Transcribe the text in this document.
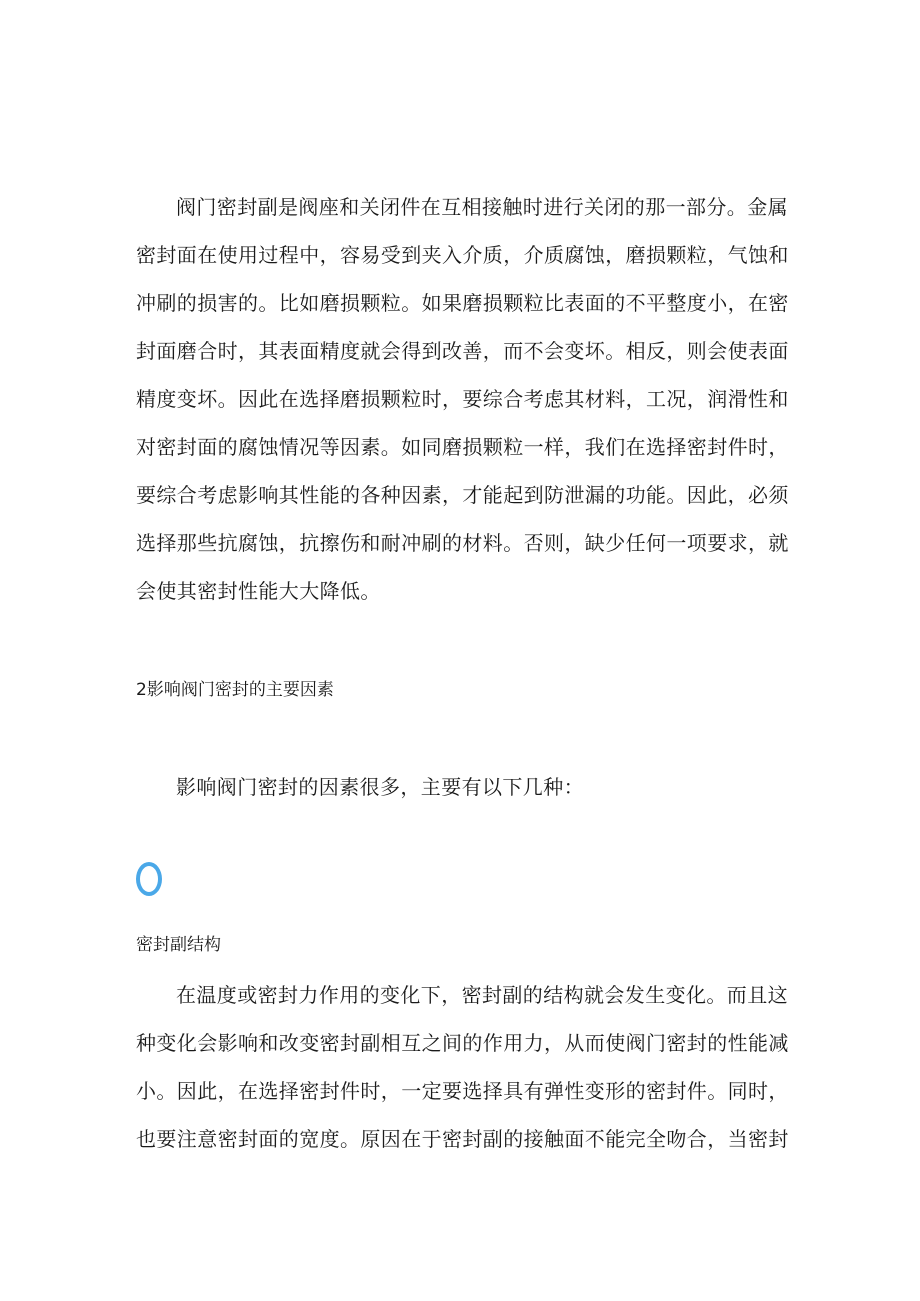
阀门密封副是阀座和关闭件在互相接触时进行关闭的那一部分。金属
密封面在使用过程中，容易受到夹入介质，介质腐蚀，磨损颗粒，气蚀和
冲刷的损害的。比如磨损颗粒。如果磨损颗粒比表面的不平整度小，在密
封面磨合时，其表面精度就会得到改善，而不会变坏。相反，则会使表面
精度变坏。因此在选择磨损颗粒时，要综合考虑其材料，工况，润滑性和
对密封面的腐蚀情况等因素。如同磨损颗粒一样，我们在选择密封件时，
要综合考虑影响其性能的各种因素，才能起到防泄漏的功能。因此，必须
选择那些抗腐蚀，抗擦伤和耐冲刷的材料。否则，缺少任何一项要求，就
会使其密封性能大大降低。
2影响阀门密封的主要因素
影响阀门密封的因素很多，主要有以下几种：
密封副结构
在温度或密封力作用的变化下，密封副的结构就会发生变化。而且这
种变化会影响和改变密封副相互之间的作用力，从而使阀门密封的性能减
小。因此，在选择密封件时，一定要选择具有弹性变形的密封件。同时，
也要注意密封面的宽度。原因在于密封副的接触面不能完全吻合，当密封
